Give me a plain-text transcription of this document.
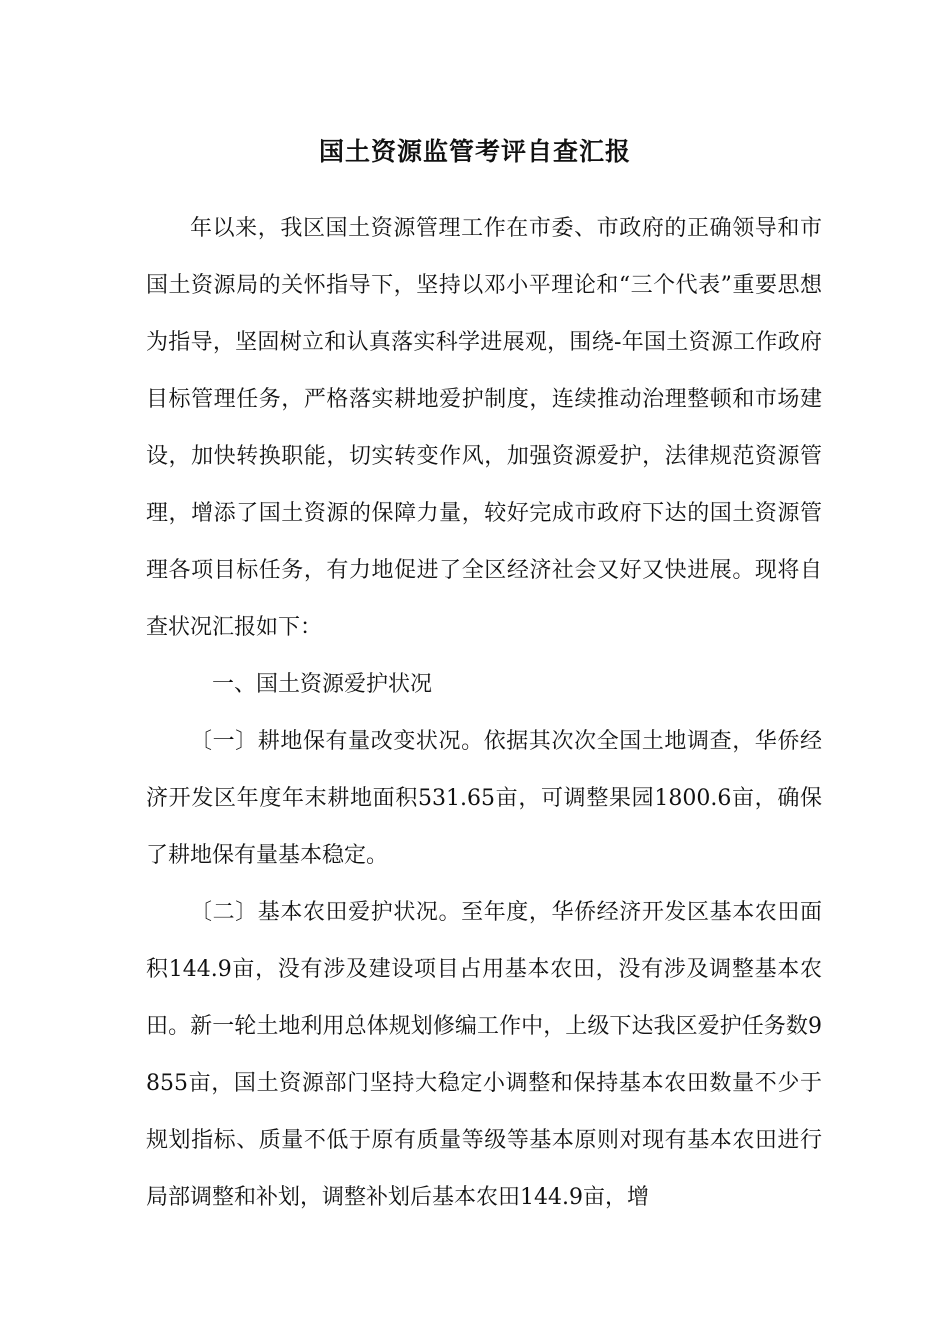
国土资源监管考评自查汇报

年以来，我区国土资源管理工作在市委、市政府的正确领导和市国土资源局的关怀指导下，坚持以邓小平理论和“三个代表”重要思想为指导，坚固树立和认真落实科学进展观，围绕-年国土资源工作政府目标管理任务，严格落实耕地爱护制度，连续推动治理整顿和市场建设，加快转换职能，切实转变作风，加强资源爱护，法律规范资源管理，增添了国土资源的保障力量，较好完成市政府下达的国土资源管理各项目标任务，有力地促进了全区经济社会又好又快进展。现将自查状况汇报如下：

一、国土资源爱护状况

〔一〕耕地保有量改变状况。依据其次次全国土地调查，华侨经济开发区年度年末耕地面积531.65亩，可调整果园1800.6亩，确保了耕地保有量基本稳定。

〔二〕基本农田爱护状况。至年度，华侨经济开发区基本农田面积144.9亩，没有涉及建设项目占用基本农田，没有涉及调整基本农田。新一轮土地利用总体规划修编工作中，上级下达我区爱护任务数9855亩，国土资源部门坚持大稳定小调整和保持基本农田数量不少于规划指标、质量不低于原有质量等级等基本原则对现有基本农田进行局部调整和补划，调整补划后基本农田144.9亩，增
